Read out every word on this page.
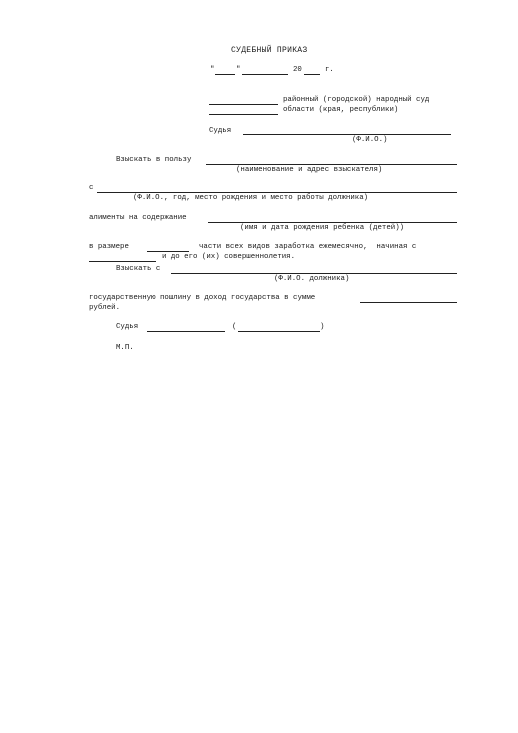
СУДЕБНЫЙ ПРИКАЗ
"	"	20	г.
районный (городской) народный суд
области (края, республики)
Судья
(Ф.И.О.)
Взыскать в пользу
(наименование и адрес взыскателя)
с
(Ф.И.О., год, место рождения и место работы должника)
алименты на содержание
(имя и дата рождения ребенка (детей))
в размере	части всех видов заработка ежемесячно,  начиная с
и до его (их) совершеннолетия.
Взыскать с
(Ф.И.О. должника)
государственную пошлину в доход государства в сумме
рублей.
Судья	(	)
М.П.
